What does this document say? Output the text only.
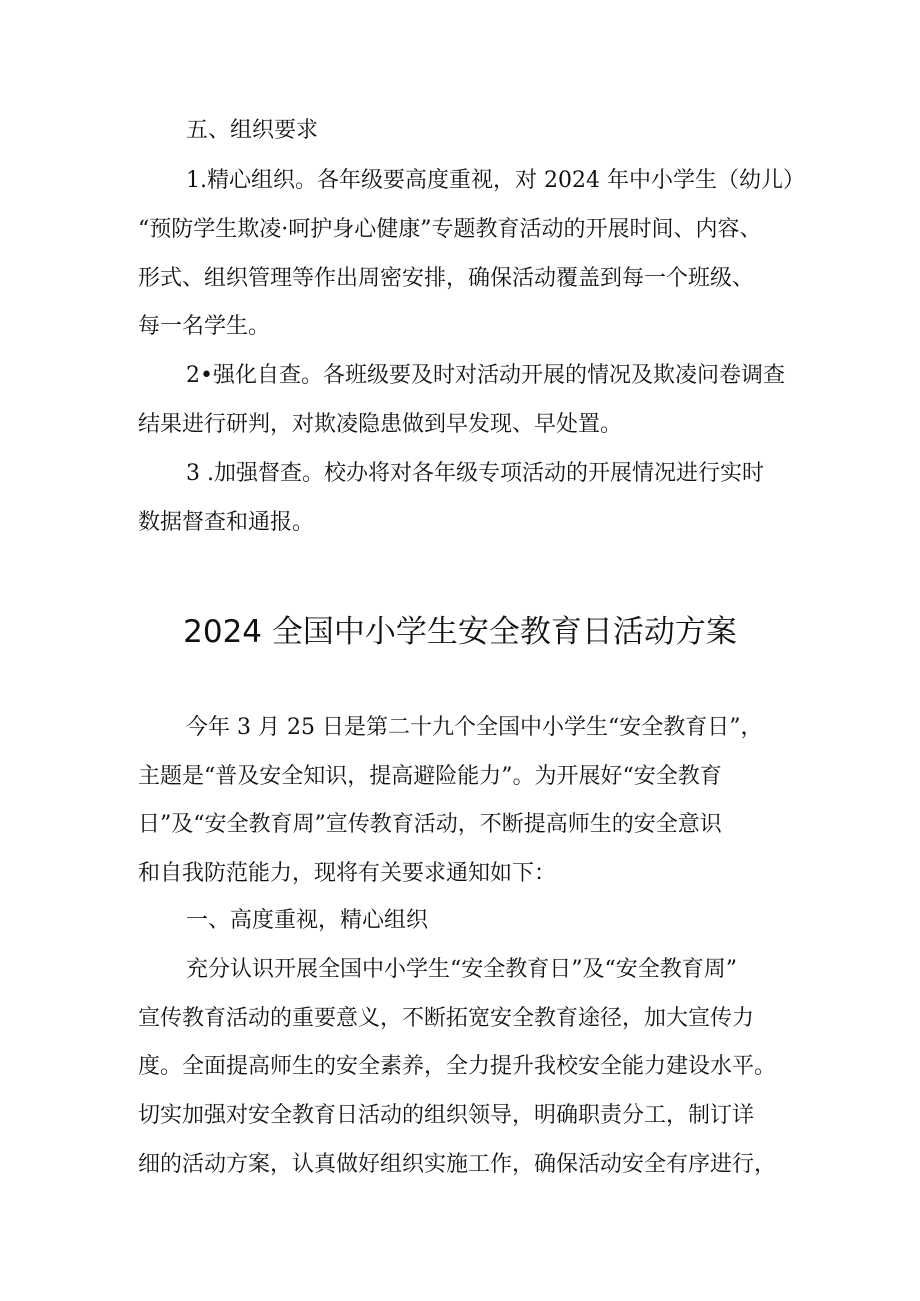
五、组织要求

1.精心组织。各年级要高度重视，对 2024 年中小学生（幼儿）

“预防学生欺凌·呵护身心健康”专题教育活动的开展时间、内容、

形式、组织管理等作出周密安排，确保活动覆盖到每一个班级、

每一名学生。

2•强化自查。各班级要及时对活动开展的情况及欺凌问卷调查

结果进行研判，对欺凌隐患做到早发现、早处置。

3 .加强督查。校办将对各年级专项活动的开展情况进行实时

数据督查和通报。

2024 全国中小学生安全教育日活动方案

今年 3 月 25 日是第二十九个全国中小学生“安全教育日”，

主题是“普及安全知识，提高避险能力”。为开展好“安全教育

日”及“安全教育周”宣传教育活动，不断提高师生的安全意识

和自我防范能力，现将有关要求通知如下：

一、高度重视，精心组织

充分认识开展全国中小学生“安全教育日”及“安全教育周”

宣传教育活动的重要意义，不断拓宽安全教育途径，加大宣传力

度。全面提高师生的安全素养，全力提升我校安全能力建设水平。

切实加强对安全教育日活动的组织领导，明确职责分工，制订详

细的活动方案，认真做好组织实施工作，确保活动安全有序进行，
